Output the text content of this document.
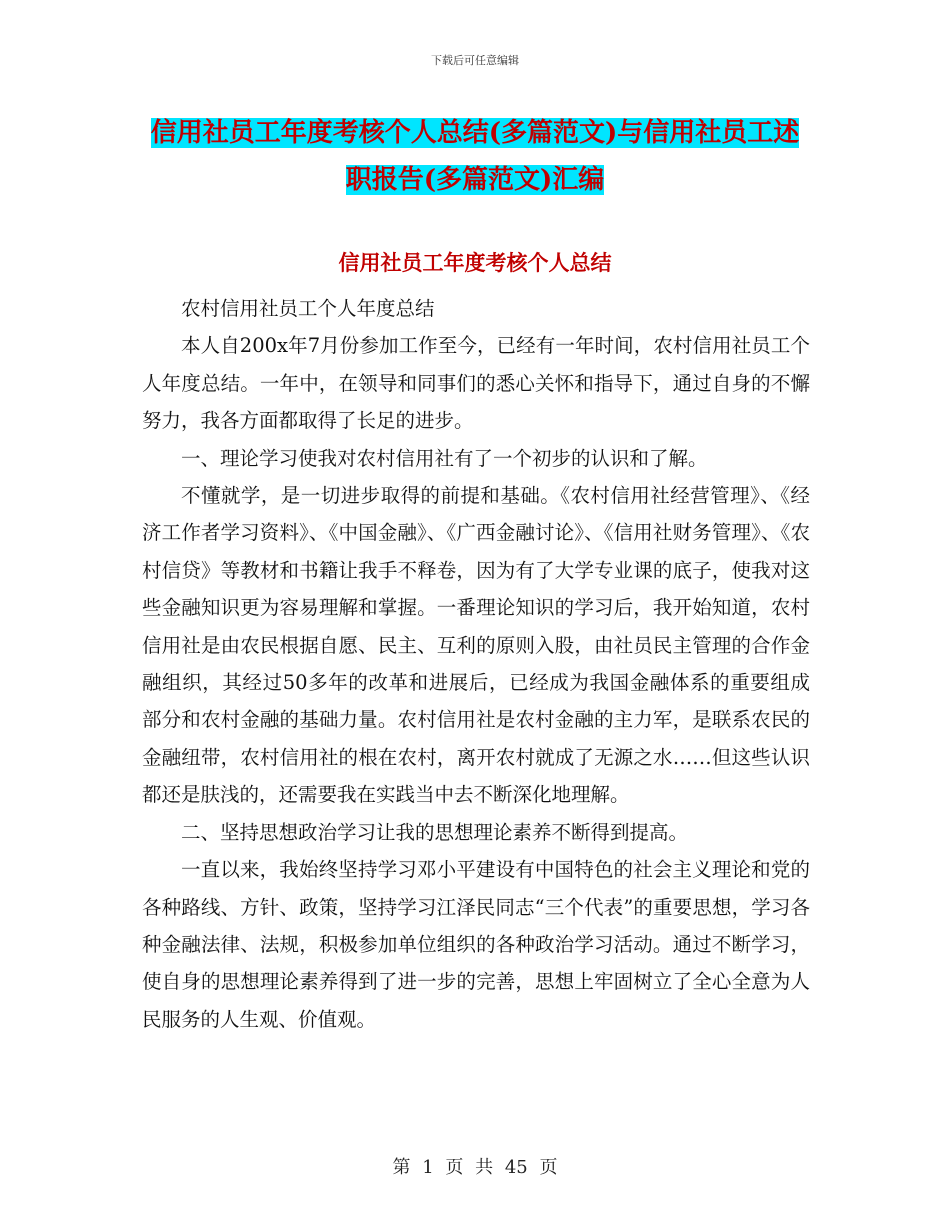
下载后可任意编辑
信用社员工年度考核个人总结(多篇范文)与信用社员工述职报告(多篇范文)汇编
信用社员工年度考核个人总结

农村信用社员工个人年度总结

本人自200x年7月份参加工作至今，已经有一年时间，农村信用社员工个人年度总结。一年中，在领导和同事们的悉心关怀和指导下，通过自身的不懈努力，我各方面都取得了长足的进步。

一、理论学习使我对农村信用社有了一个初步的认识和了解。

不懂就学，是一切进步取得的前提和基础。《农村信用社经营管理》、《经济工作者学习资料》、《中国金融》、《广西金融讨论》、《信用社财务管理》、《农村信贷》等教材和书籍让我手不释卷，因为有了大学专业课的底子，使我对这些金融知识更为容易理解和掌握。一番理论知识的学习后，我开始知道，农村信用社是由农民根据自愿、民主、互利的原则入股，由社员民主管理的合作金融组织，其经过50多年的改革和进展后，已经成为我国金融体系的重要组成部分和农村金融的基础力量。农村信用社是农村金融的主力军，是联系农民的金融纽带，农村信用社的根在农村，离开农村就成了无源之水……但这些认识都还是肤浅的，还需要我在实践当中去不断深化地理解。

二、坚持思想政治学习让我的思想理论素养不断得到提高。

一直以来，我始终坚持学习邓小平建设有中国特色的社会主义理论和党的各种路线、方针、政策，坚持学习江泽民同志“三个代表”的重要思想，学习各种金融法律、法规，积极参加单位组织的各种政治学习活动。通过不断学习，使自身的思想理论素养得到了进一步的完善，思想上牢固树立了全心全意为人民服务的人生观、价值观。

第 1 页 共 45 页
